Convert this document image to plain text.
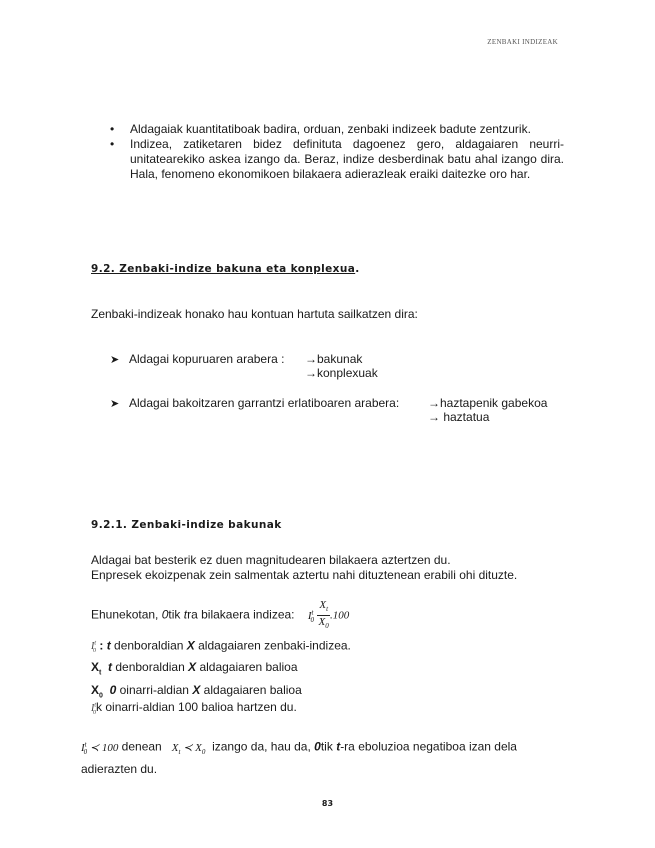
ZENBAKI INDIZEAK
• Aldagaiak kuantitatiboak badira, orduan, zenbaki indizeek badute zentzurik.
• Indizea, zatiketaren bidez definituta dagoenez gero, aldagaiaren neurri-unitatearekiko askea izango da. Beraz, indize desberdinak batu ahal izango dira. Hala, fenomeno ekonomikoen bilakaera adierazleak eraiki daitezke oro har.
9.2. Zenbaki-indize bakuna eta konplexua.
Zenbaki-indizeak honako hau kontuan hartuta sailkatzen dira:
➤ Aldagai kopuruaren arabera : →bakunak
→konplexuak
➤ Aldagai bakoitzaren garrantzi erlatiboaren arabera: →haztapenik gabekoa
→ haztatua
9.2.1. Zenbaki-indize bakunak
Aldagai bat besterik ez duen magnitudearen bilakaera aztertzen du.
Enpresek ekoizpenak zein salmentak aztertu nahi dituztenean erabili ohi dituzte.
Ehunekotan, 0tik tra bilakaera indizea: $I^t_0 \frac{X_t}{X_0} .100$
$I^t_0$ : t denboraldian X aldagaiaren zenbaki-indizea.
$X_t$ t denboraldian X aldagaiaren balioa
$X_0$ 0 oinarri-aldian X aldagaiaren balioa
$I^t_0k$ oinarri-aldian 100 balioa hartzen du.
$I^t_0$ ≺ 100 denean $X_t$ ≺ $X_0$  izango da, hau da, 0tik t-ra eboluzioa negatiboa izan dela
adierazten du.
83
